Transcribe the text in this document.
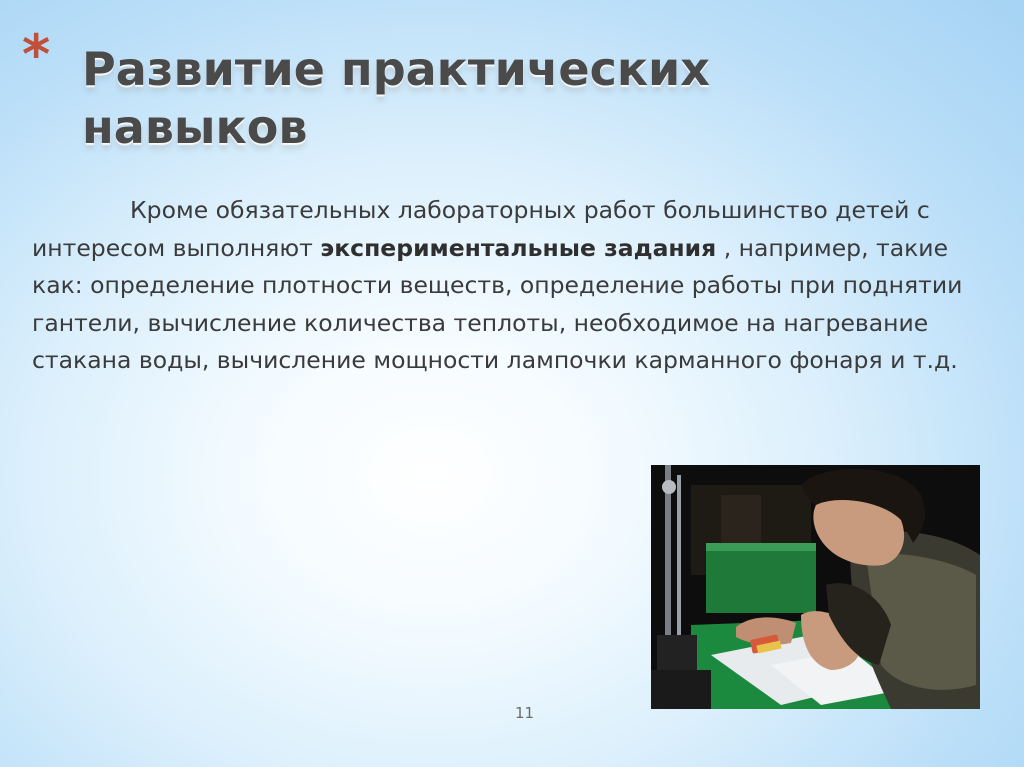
* Развитие практических навыков

Кроме обязательных лабораторных работ большинство детей с интересом выполняют экспериментальные задания , например, такие как: определение плотности веществ, определение работы при поднятии гантели, вычисление количества теплоты, необходимое на нагревание стакана воды, вычисление мощности лампочки карманного фонаря и т.д.

11
